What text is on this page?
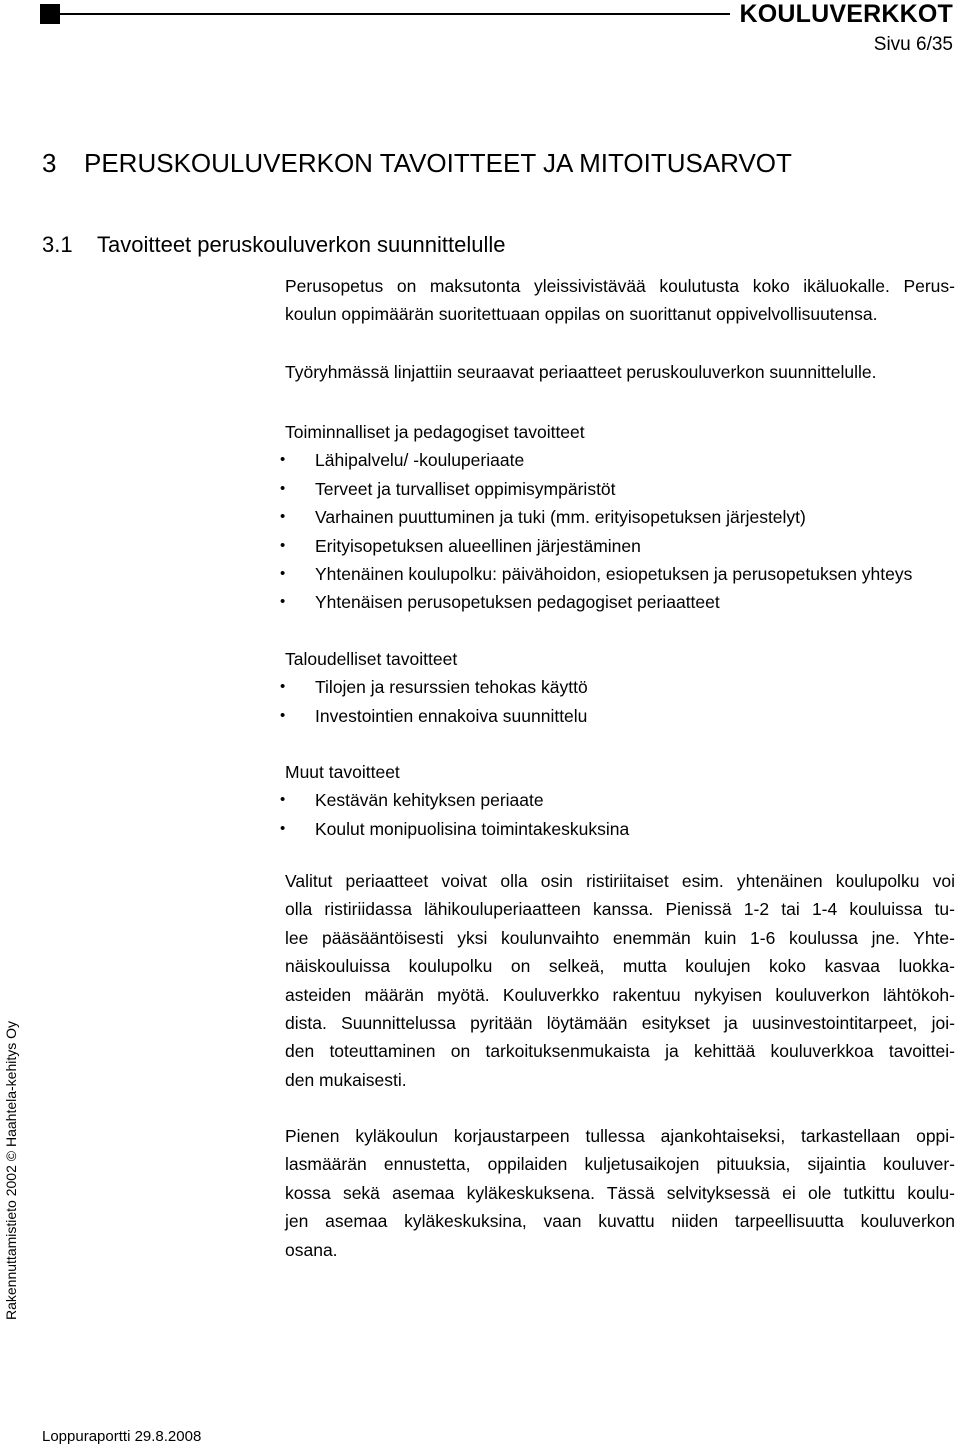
KOULUVERKKOT
Sivu 6/35
3 PERUSKOULUVERKON TAVOITTEET JA MITOITUSARVOT
3.1 Tavoitteet peruskouluverkon suunnittelulle
Perusopetus on maksutonta yleissivistävää koulutusta koko ikäluokalle. Perus-
koulun oppimäärän suoritettuaan oppilas on suorittanut oppivelvollisuutensa.
Työryhmässä linjattiin seuraavat periaatteet peruskouluverkon suunnittelulle.
Toiminnalliset ja pedagogiset tavoitteet
• Lähipalvelu/ -kouluperiaate
• Terveet ja turvalliset oppimisympäristöt
• Varhainen puuttuminen ja tuki (mm. erityisopetuksen järjestelyt)
• Erityisopetuksen alueellinen järjestäminen
• Yhtenäinen koulupolku: päivähoidon, esiopetuksen ja perusopetuksen yhteys
• Yhtenäisen perusopetuksen pedagogiset periaatteet
Taloudelliset tavoitteet
• Tilojen ja resurssien tehokas käyttö
• Investointien ennakoiva suunnittelu
Muut tavoitteet
• Kestävän kehityksen periaate
• Koulut monipuolisina toimintakeskuksina
Valitut periaatteet voivat olla osin ristiriitaiset esim. yhtenäinen koulupolku voi
olla ristiriidassa lähikouluperiaatteen kanssa. Pienissä 1-2 tai 1-4 kouluissa tu-
lee pääsääntöisesti yksi koulunvaihto enemmän kuin 1-6 koulussa jne. Yhte-
näiskouluissa koulupolku on selkeä, mutta koulujen koko kasvaa luokka-
asteiden määrän myötä. Kouluverkko rakentuu nykyisen kouluverkon lähtökoh-
dista. Suunnittelussa pyritään löytämään esitykset ja uusinvestointitarpeet, joi-
den toteuttaminen on tarkoituksenmukaista ja kehittää kouluverkkoa tavoittei-
den mukaisesti.
Pienen kyläkoulun korjaustarpeen tullessa ajankohtaiseksi, tarkastellaan oppi-
lasmäärän ennustetta, oppilaiden kuljetusaikojen pituuksia, sijaintia kouluver-
kossa sekä asemaa kyläkeskuksena. Tässä selvityksessä ei ole tutkittu koulu-
jen asemaa kyläkeskuksina, vaan kuvattu niiden tarpeellisuutta kouluverkon
osana.
Rakennuttamistieto 2002 © Haahtela-kehitys Oy
Loppuraportti 29.8.2008
